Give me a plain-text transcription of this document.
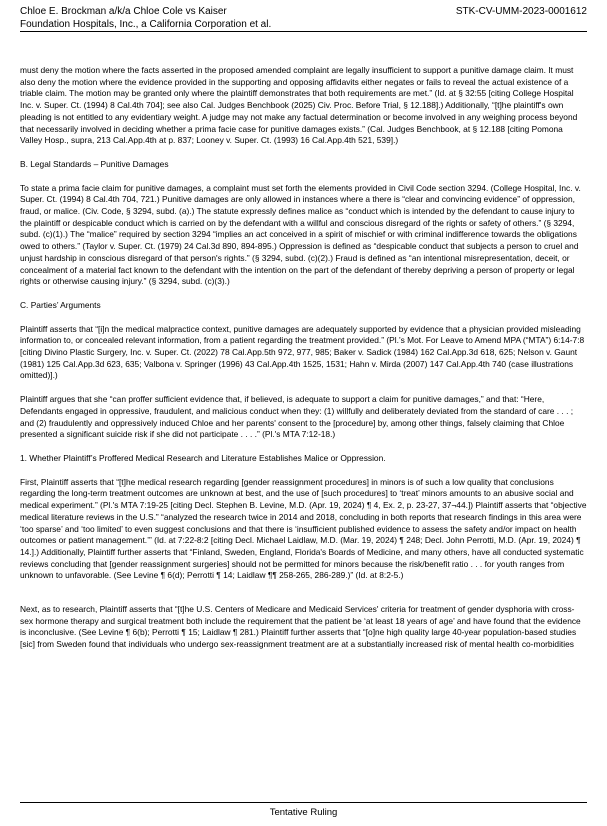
Chloe E. Brockman a/k/a Chloe Cole vs Kaiser
Foundation Hospitals, Inc., a California Corporation et al.
STK-CV-UMM-2023-0001612

must deny the motion where the facts asserted in the proposed amended complaint are legally insufficient to support a punitive damage claim. It must also deny the motion where the evidence provided in the supporting and opposing affidavits either negates or fails to reveal the actual existence of a triable claim. The motion may be granted only where the plaintiff demonstrates that both requirements are met.” (Id. at § 32:55 [citing College Hospital Inc. v. Super. Ct. (1994) 8 Cal.4th 704]; see also Cal. Judges Benchbook (2025) Civ. Proc. Before Trial, § 12.188].) Additionally, “[t]he plaintiff's own pleading is not entitled to any evidentiary weight. A judge may not make any factual determination or become involved in any weighing process beyond that necessarily involved in deciding whether a prima facie case for punitive damages exists.” (Cal. Judges Benchbook, at § 12.188 [citing Pomona Valley Hosp., supra, 213 Cal.App.4th at p. 837; Looney v. Super. Ct. (1993) 16 Cal.App.4th 521, 539].)

B. Legal Standards – Punitive Damages

To state a prima facie claim for punitive damages, a complaint must set forth the elements provided in Civil Code section 3294. (College Hospital, Inc. v. Super. Ct. (1994) 8 Cal.4th 704, 721.) Punitive damages are only allowed in instances where a there is “clear and convincing evidence” of oppression, fraud, or malice. (Civ. Code, § 3294, subd. (a).) The statute expressly defines malice as “conduct which is intended by the defendant to cause injury to the plaintiff or despicable conduct which is carried on by the defendant with a willful and conscious disregard of the rights or safety of others.” (§ 3294, subd. (c)(1).) The “malice” required by section 3294 “implies an act conceived in a spirit of mischief or with criminal indifference towards the obligations owed to others.” (Taylor v. Super. Ct. (1979) 24 Cal.3d 890, 894-895.) Oppression is defined as “despicable conduct that subjects a person to cruel and unjust hardship in conscious disregard of that person's rights.” (§ 3294, subd. (c)(2).) Fraud is defined as “an intentional misrepresentation, deceit, or concealment of a material fact known to the defendant with the intention on the part of the defendant of thereby depriving a person of property or legal rights or otherwise causing injury.” (§ 3294, subd. (c)(3).)

C. Parties’ Arguments

Plaintiff asserts that “[i]n the medical malpractice context, punitive damages are adequately supported by evidence that a physician provided misleading information to, or concealed relevant information, from a patient regarding the treatment provided.” (Pl.’s Mot. For Leave to Amend MPA (“MTA”) 6:14-7:8 [citing Divino Plastic Surgery, Inc. v. Super. Ct. (2022) 78 Cal.App.5th 972, 977, 985; Baker v. Sadick (1984) 162 Cal.App.3d 618, 625; Nelson v. Gaunt (1981) 125 Cal.App.3d 623, 635; Valbona v. Springer (1996) 43 Cal.App.4th 1525, 1531; Hahn v. Mirda (2007) 147 Cal.App.4th 740 (case illustrations omitted)].)

Plaintiff argues that she “can proffer sufficient evidence that, if believed, is adequate to support a claim for punitive damages,” and that: “Here, Defendants engaged in oppressive, fraudulent, and malicious conduct when they: (1) willfully and deliberately deviated from the standard of care . . . ; and (2) fraudulently and oppressively induced Chloe and her parents' consent to the [procedure] by, among other things, falsely claiming that Chloe presented a significant suicide risk if she did not participate . . . .” (Pl.'s MTA 7:12-18.)

1. Whether Plaintiff’s Proffered Medical Research and Literature Establishes Malice or Oppression.

First, Plaintiff asserts that “[t]he medical research regarding [gender reassignment procedures] in minors is of such a low quality that conclusions regarding the long-term treatment outcomes are unknown at best, and the use of [such procedures] to ‘treat’ minors amounts to an abusive social and medical experiment.” (Pl.'s MTA 7:19-25 [citing Decl. Stephen B. Levine, M.D. (Apr. 19, 2024) ¶ 4, Ex. 2, p. 23-27, 37¬44.]) Plaintiff asserts that “objective medical literature reviews in the U.S.” “analyzed the research twice in 2014 and 2018, concluding in both reports that research findings in this area were ‘too sparse’ and ‘too limited’ to even suggest conclusions and that there is ‘insufficient published evidence to assess the safety and/or impact on health outcomes or patient management.’” (Id. at 7:22-8:2 [citing Decl. Michael Laidlaw, M.D. (Mar. 19, 2024) ¶ 248; Decl. John Perrotti, M.D. (Apr. 19, 2024) ¶ 14.].) Additionally, Plaintiff further asserts that “Finland, Sweden, England, Florida's Boards of Medicine, and many others, have all conducted systematic reviews concluding that [gender reassignment surgeries] should not be permitted for minors because the risk/benefit ratio . . . for youth ranges from unknown to unfavorable. (See Levine ¶ 6(d); Perrotti ¶ 14; Laidlaw ¶¶ 258-265, 286-289.)” (Id. at 8:2-5.)

Next, as to research, Plaintiff asserts that “[t]he U.S. Centers of Medicare and Medicaid Services' criteria for treatment of gender dysphoria with cross-sex hormone therapy and surgical treatment both include the requirement that the patient be ‘at least 18 years of age’ and have found that the evidence is inconclusive. (See Levine ¶ 6(b); Perrotti ¶ 15; Laidlaw ¶ 281.) Plaintiff further asserts that “[o]ne high quality large 40-year population-based studies [sic] from Sweden found that individuals who undergo sex-reassignment treatment are at a substantially increased risk of mental health co-morbidities

Tentative Ruling
